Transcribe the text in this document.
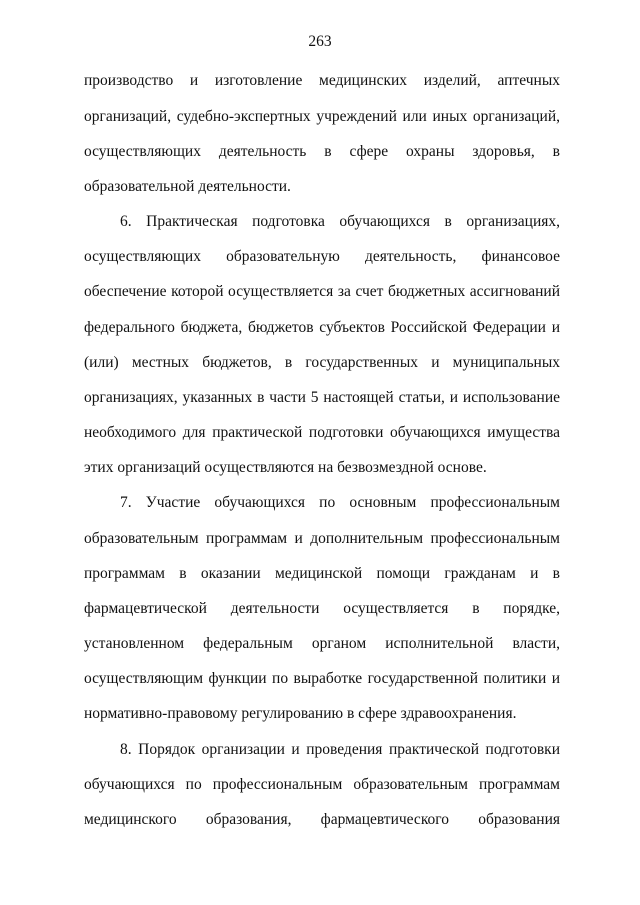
263
производство и изготовление медицинских изделий, аптечных
организаций, судебно-экспертных учреждений или иных организаций,
осуществляющих деятельность в сфере охраны здоровья, в
образовательной деятельности.
6. Практическая подготовка обучающихся в организациях,
осуществляющих образовательную деятельность, финансовое
обеспечение которой осуществляется за счет бюджетных ассигнований
федерального бюджета, бюджетов субъектов Российской Федерации и
(или) местных бюджетов, в государственных и муниципальных
организациях, указанных в части 5 настоящей статьи, и использование
необходимого для практической подготовки обучающихся имущества
этих организаций осуществляются на безвозмездной основе.
7. Участие обучающихся по основным профессиональным
образовательным программам и дополнительным профессиональным
программам в оказании медицинской помощи гражданам и в
фармацевтической деятельности осуществляется в порядке,
установленном федеральным органом исполнительной власти,
осуществляющим функции по выработке государственной политики и
нормативно-правовому регулированию в сфере здравоохранения.
8. Порядок организации и проведения практической подготовки
обучающихся по профессиональным образовательным программам
медицинского образования, фармацевтического образования
